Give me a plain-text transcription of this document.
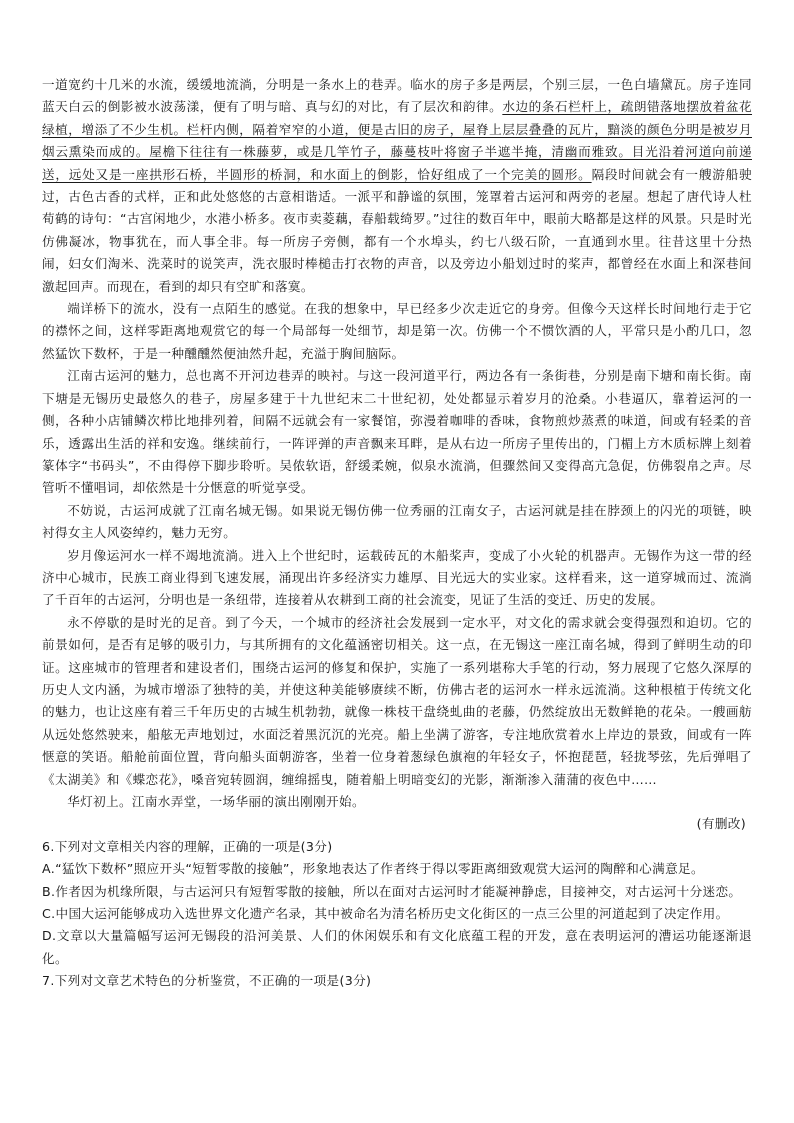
一道宽约十几米的水流，缓缓地流淌，分明是一条水上的巷弄。临水的房子多是两层，个别三层，一色白墙黛瓦。房子连同蓝天白云的倒影被水波荡漾，便有了明与暗、真与幻的对比，有了层次和韵律。水边的条石栏杆上，疏朗错落地摆放着盆花绿植，增添了不少生机。栏杆内侧，隔着窄窄的小道，便是古旧的房子，屋脊上层层叠叠的瓦片，黯淡的颜色分明是被岁月烟云熏染而成的。屋檐下往往有一株藤萝，或是几竿竹子，藤蔓枝叶将窗子半遮半掩，清幽而雅致。目光沿着河道向前递送，远处又是一座拱形石桥，半圆形的桥洞，和水面上的倒影，恰好组成了一个完美的圆形。隔段时间就会有一艘游船驶过，古色古香的式样，正和此处悠悠的古意相谐适。一派平和静谧的氛围，笼罩着古运河和两旁的老屋。想起了唐代诗人杜荀鹤的诗句：“古宫闲地少，水港小桥多。夜市卖菱藕，春船载绮罗。”过往的数百年中，眼前大略都是这样的风景。只是时光仿佛凝冰，物事犹在，而人事全非。每一所房子旁侧，都有一个水埠头，约七八级石阶，一直通到水里。往昔这里十分热闹，妇女们淘米、洗菜时的说笑声，洗衣服时棒槌击打衣物的声音，以及旁边小船划过时的桨声，都曾经在水面上和深巷间激起回声。而现在，看到的却只有空旷和落寞。

端详桥下的流水，没有一点陌生的感觉。在我的想象中，早已经多少次走近它的身旁。但像今天这样长时间地行走于它的襟怀之间，这样零距离地观赏它的每一个局部每一处细节，却是第一次。仿佛一个不惯饮酒的人，平常只是小酌几口，忽然猛饮下数杯，于是一种醺醺然便油然升起，充溢于胸间脑际。

江南古运河的魅力，总也离不开河边巷弄的映衬。与这一段河道平行，两边各有一条街巷，分别是南下塘和南长街。南下塘是无锡历史最悠久的巷子，房屋多建于十九世纪末二十世纪初，处处都显示着岁月的沧桑。小巷逼仄，靠着运河的一侧，各种小店铺鳞次栉比地排列着，间隔不远就会有一家餐馆，弥漫着咖啡的香味，食物煎炒蒸煮的味道，间或有轻柔的音乐，透露出生活的祥和安逸。继续前行，一阵评弹的声音飘来耳畔，是从右边一所房子里传出的，门楣上方木质标牌上刻着篆体字“书码头”，不由得停下脚步聆听。吴侬软语，舒缓柔婉，似泉水流淌，但骤然间又变得高亢急促，仿佛裂帛之声。尽管听不懂唱词，却依然是十分惬意的听觉享受。

不妨说，古运河成就了江南名城无锡。如果说无锡仿佛一位秀丽的江南女子，古运河就是挂在脖颈上的闪光的项链，映衬得女主人风姿绰约，魅力无穷。

岁月像运河水一样不竭地流淌。进入上个世纪时，运载砖瓦的木船桨声，变成了小火轮的机器声。无锡作为这一带的经济中心城市，民族工商业得到飞速发展，涌现出许多经济实力雄厚、目光远大的实业家。这样看来，这一道穿城而过、流淌了千百年的古运河，分明也是一条纽带，连接着从农耕到工商的社会流变，见证了生活的变迁、历史的发展。

永不停歇的是时光的足音。到了今天，一个城市的经济社会发展到一定水平，对文化的需求就会变得强烈和迫切。它的前景如何，是否有足够的吸引力，与其所拥有的文化蕴涵密切相关。这一点，在无锡这一座江南名城，得到了鲜明生动的印证。这座城市的管理者和建设者们，围绕古运河的修复和保护，实施了一系列堪称大手笔的行动，努力展现了它悠久深厚的历史人文内涵，为城市增添了独特的美，并使这种美能够赓续不断，仿佛古老的运河水一样永远流淌。这种根植于传统文化的魅力，也让这座有着三千年历史的古城生机勃勃，就像一株枝干盘绕虬曲的老藤，仍然绽放出无数鲜艳的花朵。一艘画舫从远处悠然驶来，船舷无声地划过，水面泛着黑沉沉的光亮。船上坐满了游客，专注地欣赏着水上岸边的景致，间或有一阵惬意的笑语。船舱前面位置，背向船头面朝游客，坐着一位身着葱绿色旗袍的年轻女子，怀抱琵琶，轻拢琴弦，先后弹唱了《太湖美》和《蝶恋花》，嗓音宛转圆润，缠绵摇曳，随着船上明暗变幻的光影，渐渐渗入蒲蒲的夜色中……

华灯初上。江南水弄堂，一场华丽的演出刚刚开始。

(有删改)

6.下列对文章相关内容的理解，正确的一项是(3分)

A.“猛饮下数杯”照应开头“短暂零散的接触”，形象地表达了作者终于得以零距离细致观赏大运河的陶醉和心满意足。

B.作者因为机缘所限，与古运河只有短暂零散的接触，所以在面对古运河时才能凝神静虑，目接神交，对古运河十分迷恋。

C.中国大运河能够成功入选世界文化遗产名录，其中被命名为清名桥历史文化街区的一点三公里的河道起到了决定作用。

D.文章以大量篇幅写运河无锡段的沿河美景、人们的休闲娱乐和有文化底蕴工程的开发，意在表明运河的漕运功能逐渐退化。

7.下列对文章艺术特色的分析鉴赏，不正确的一项是(3分)
